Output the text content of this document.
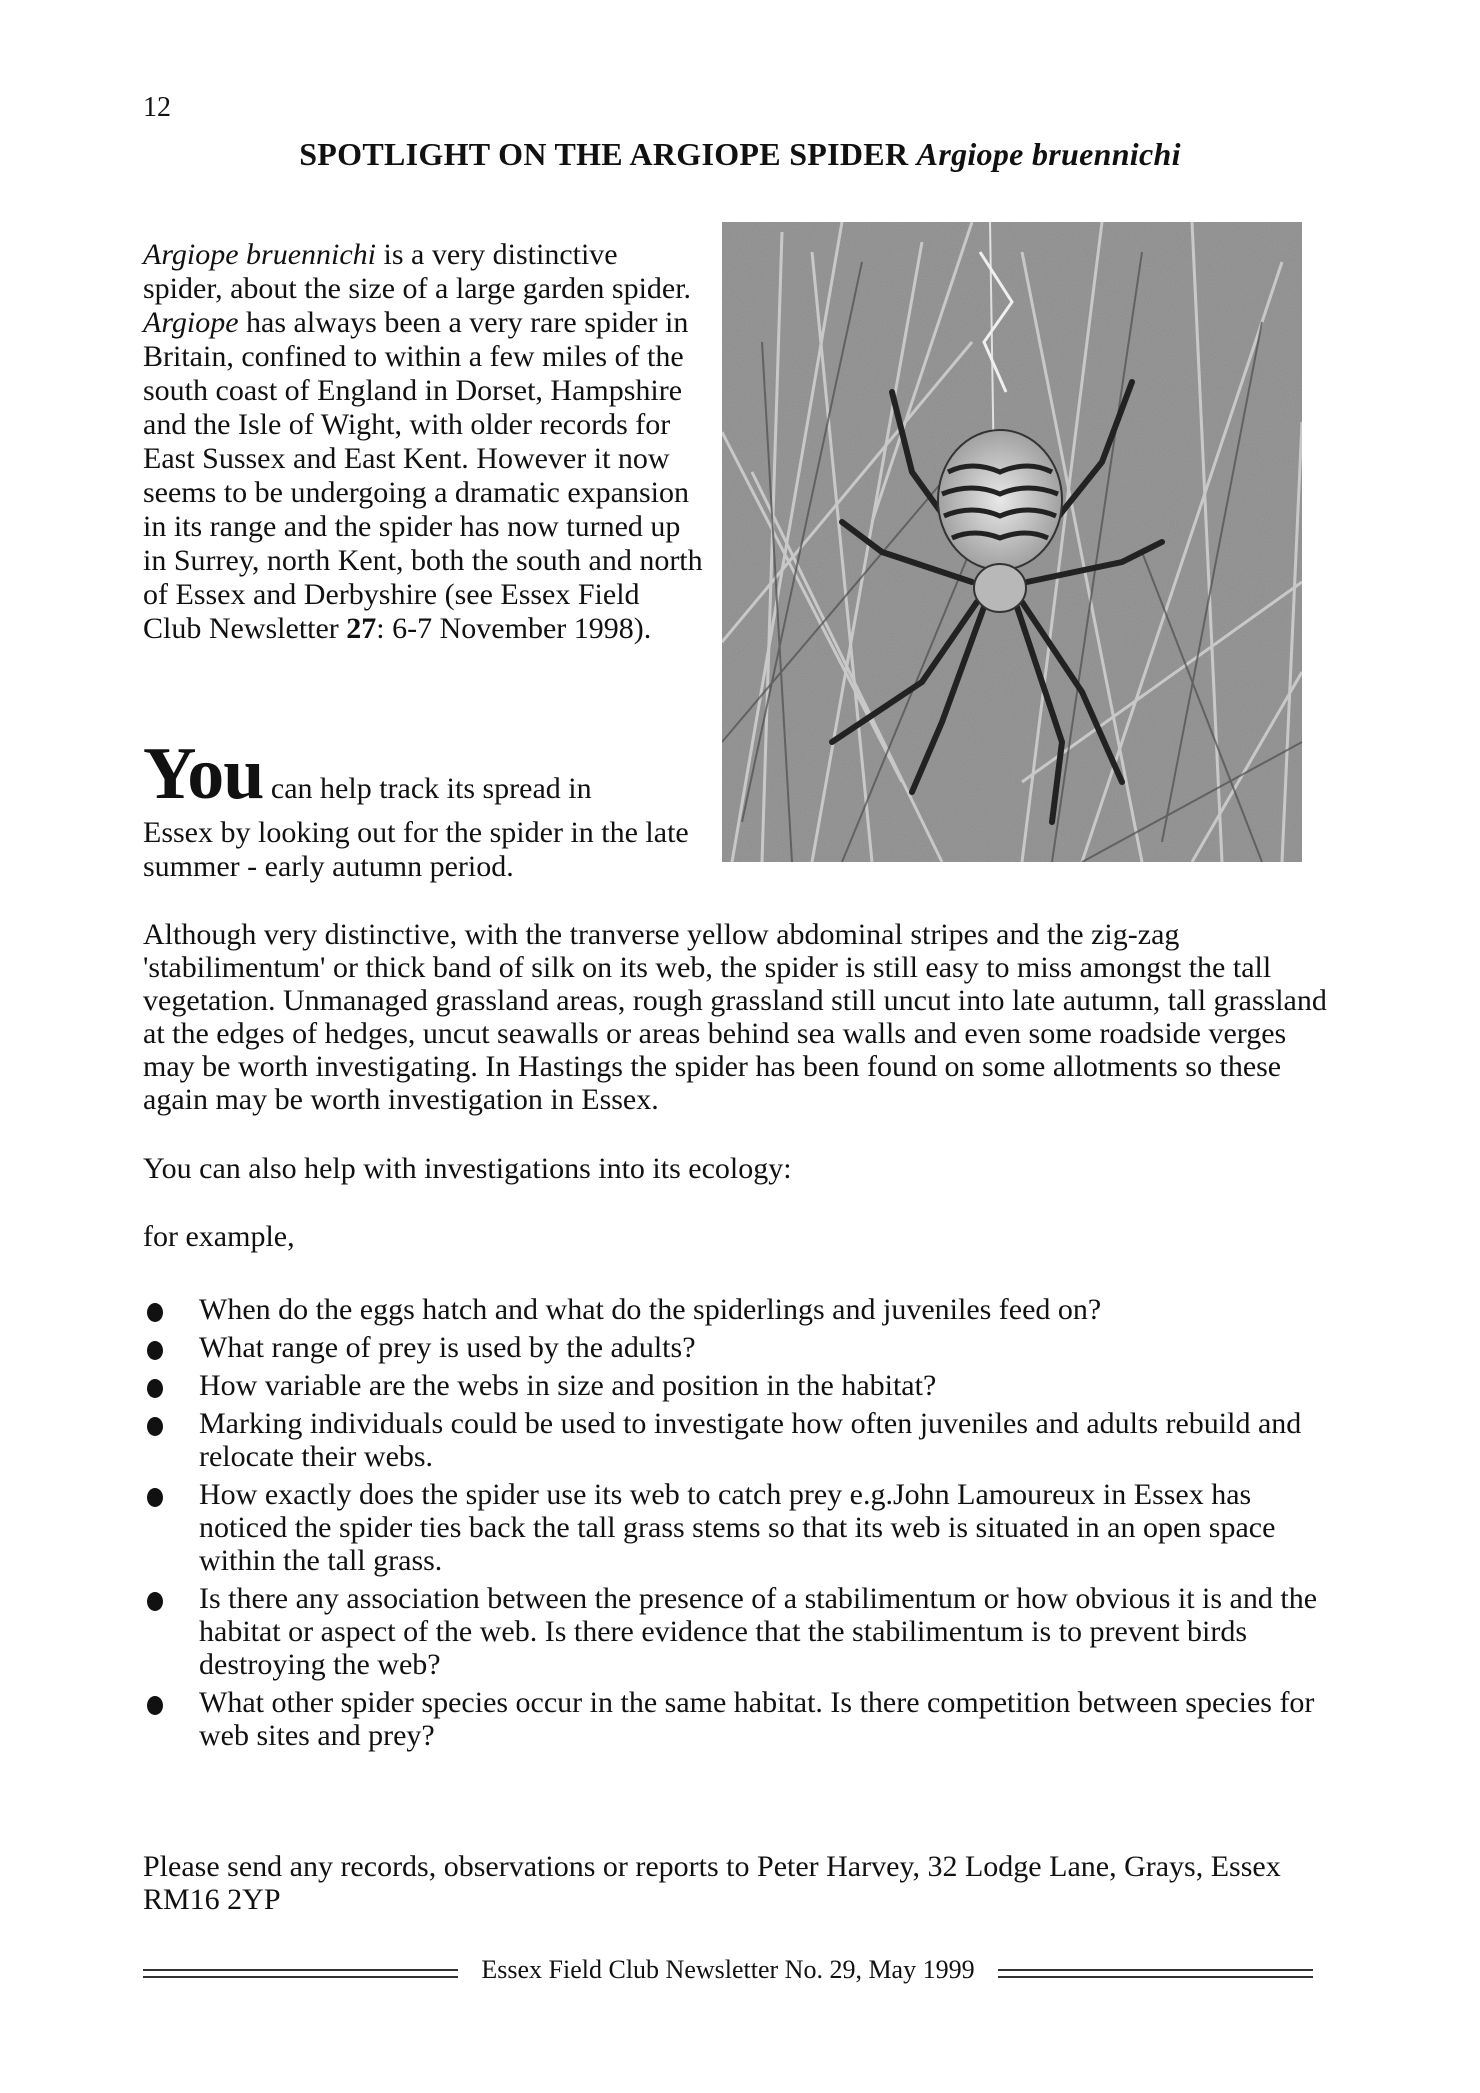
12
SPOTLIGHT ON THE ARGIOPE SPIDER Argiope bruennichi
Argiope bruennichi is a very distinctive spider, about the size of a large garden spider. Argiope has always been a very rare spider in Britain, confined to within a few miles of the south coast of England in Dorset, Hampshire and the Isle of Wight, with older records for East Sussex and East Kent. However it now seems to be undergoing a dramatic expansion in its range and the spider has now turned up in Surrey, north Kent, both the south and north of Essex and Derbyshire (see Essex Field Club Newsletter 27: 6-7 November 1998).
You can help track its spread in
Essex by looking out for the spider in the late summer - early autumn period.
Although very distinctive, with the tranverse yellow abdominal stripes and the zig-zag 'stabilimentum' or thick band of silk on its web, the spider is still easy to miss amongst the tall vegetation. Unmanaged grassland areas, rough grassland still uncut into late autumn, tall grassland at the edges of hedges, uncut seawalls or areas behind sea walls and even some roadside verges may be worth investigating. In Hastings the spider has been found on some allotments so these again may be worth investigation in Essex.
You can also help with investigations into its ecology:
for example,
When do the eggs hatch and what do the spiderlings and juveniles feed on?
What range of prey is used by the adults?
How variable are the webs in size and position in the habitat?
Marking individuals could be used to investigate how often juveniles and adults rebuild and relocate their webs.
How exactly does the spider use its web to catch prey e.g.John Lamoureux in Essex has noticed the spider ties back the tall grass stems so that its web is situated in an open space within the tall grass.
Is there any association between the presence of a stabilimentum or how obvious it is and the habitat or aspect of the web. Is there evidence that the stabilimentum is to prevent birds destroying the web?
What other spider species occur in the same habitat. Is there competition between species for web sites and prey?
Please send any records, observations or reports to Peter Harvey, 32 Lodge Lane, Grays, Essex RM16 2YP
Essex Field Club Newsletter No. 29, May 1999
